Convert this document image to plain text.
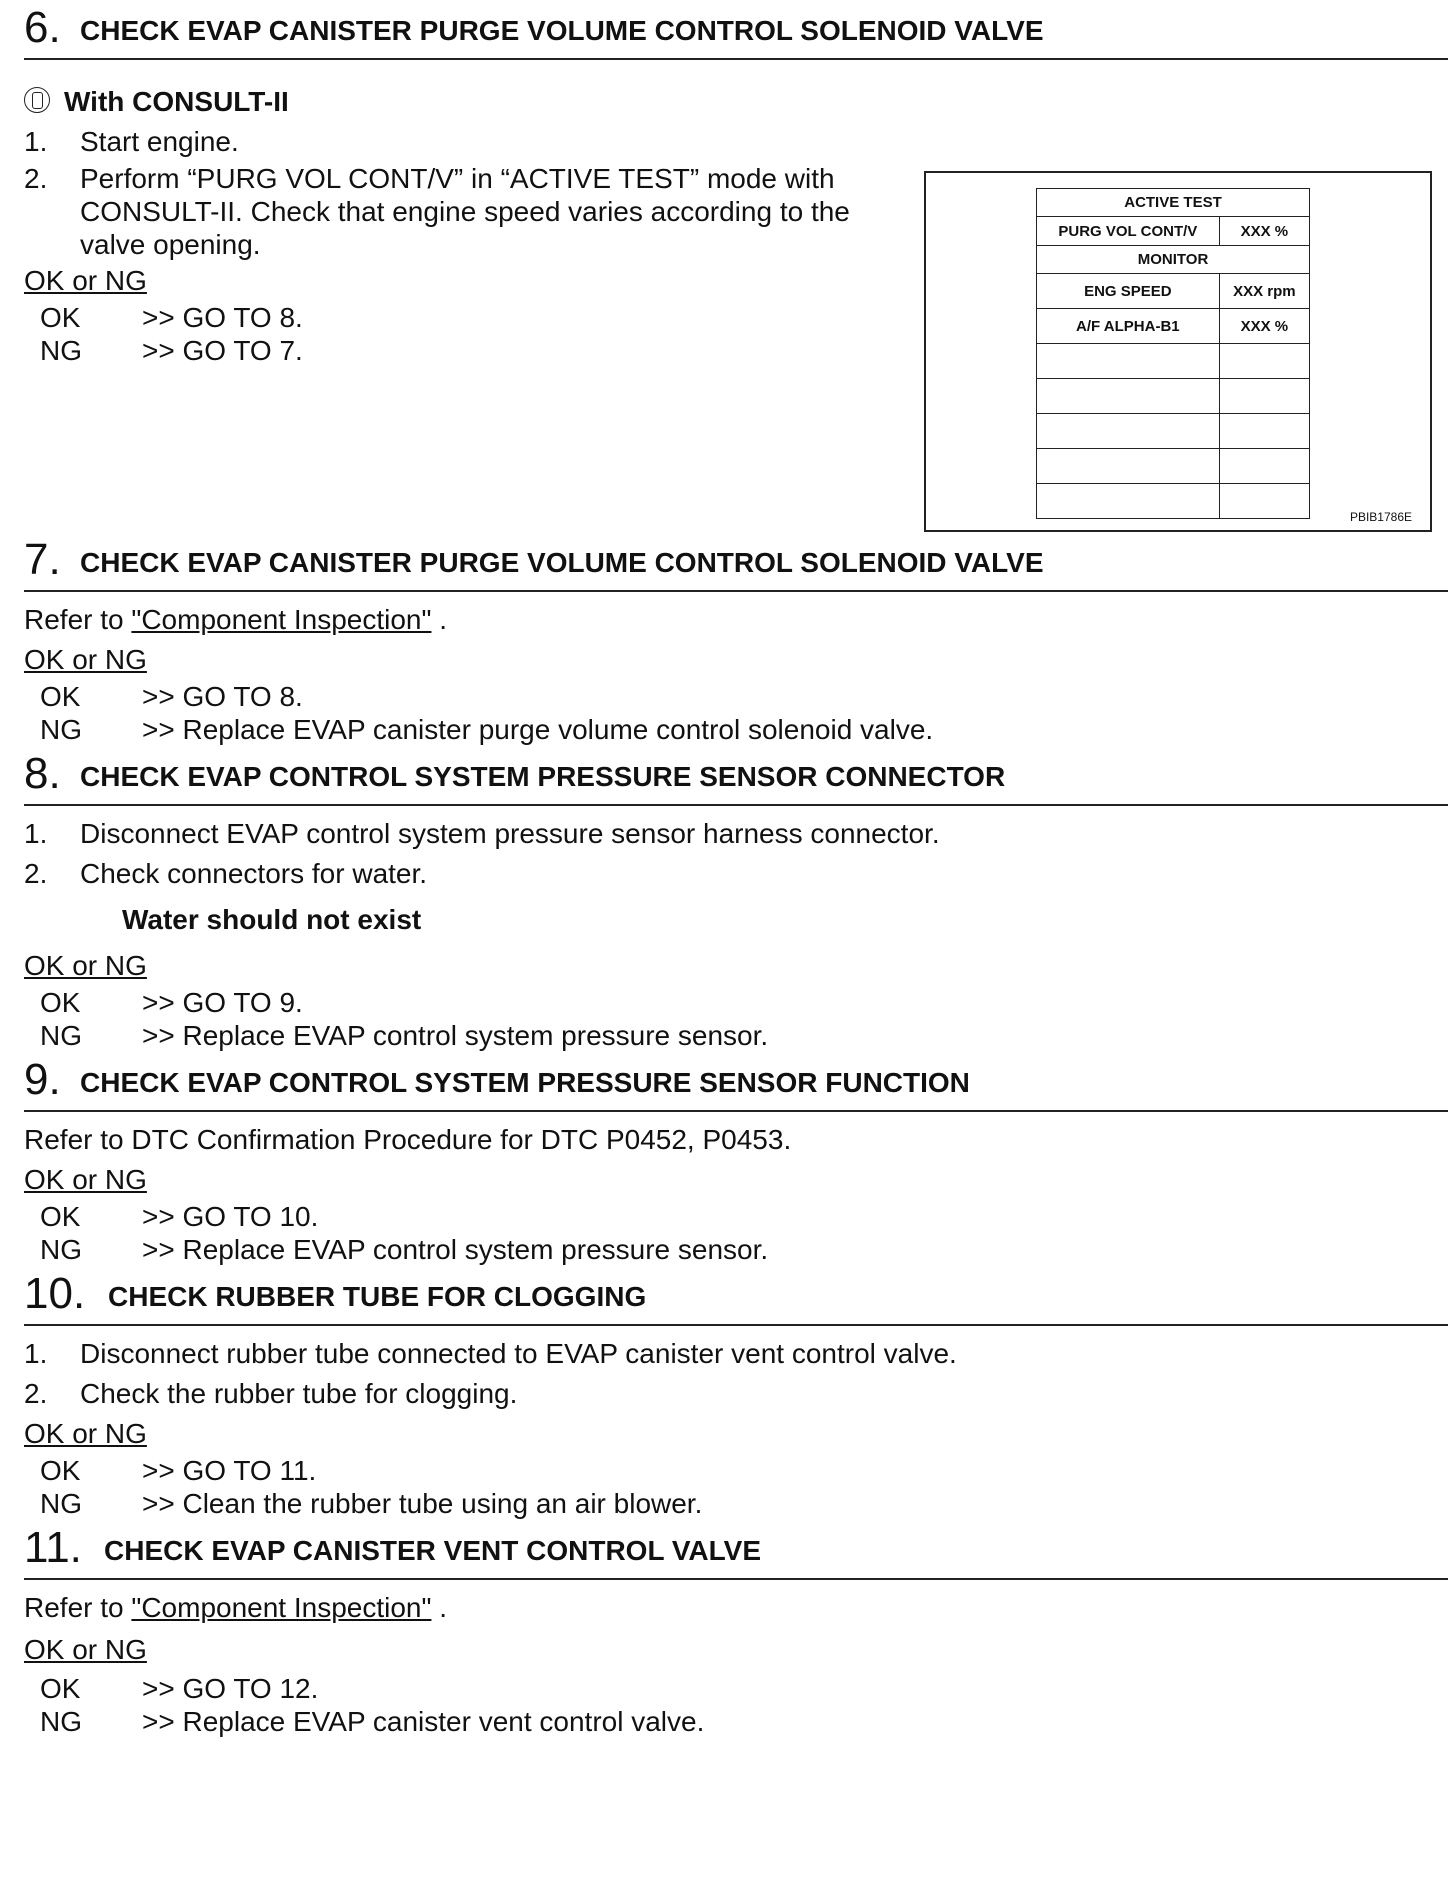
6. CHECK EVAP CANISTER PURGE VOLUME CONTROL SOLENOID VALVE
With CONSULT-II
1. Start engine.
2. Perform “PURG VOL CONT/V” in “ACTIVE TEST” mode with
CONSULT-II. Check that engine speed varies according to the
valve opening.
OK or NG
OK >> GO TO 8.
NG >> GO TO 7.
7. CHECK EVAP CANISTER PURGE VOLUME CONTROL SOLENOID VALVE
Refer to "Component Inspection" .
OK or NG
OK >> GO TO 8.
NG >> Replace EVAP canister purge volume control solenoid valve.
8. CHECK EVAP CONTROL SYSTEM PRESSURE SENSOR CONNECTOR
1. Disconnect EVAP control system pressure sensor harness connector.
2. Check connectors for water.
Water should not exist
OK or NG
OK >> GO TO 9.
NG >> Replace EVAP control system pressure sensor.
9. CHECK EVAP CONTROL SYSTEM PRESSURE SENSOR FUNCTION
Refer to DTC Confirmation Procedure for DTC P0452, P0453.
OK or NG
OK >> GO TO 10.
NG >> Replace EVAP control system pressure sensor.
10. CHECK RUBBER TUBE FOR CLOGGING
1. Disconnect rubber tube connected to EVAP canister vent control valve.
2. Check the rubber tube for clogging.
OK or NG
OK >> GO TO 11.
NG >> Clean the rubber tube using an air blower.
11. CHECK EVAP CANISTER VENT CONTROL VALVE
Refer to "Component Inspection" .
OK or NG
OK >> GO TO 12.
NG >> Replace EVAP canister vent control valve.
ACTIVE TEST	
PURG VOL CONT/V	XXX %
MONITOR	
ENG SPEED	XXX rpm
A/F ALPHA-B1	XXX %

PBIB1786E
